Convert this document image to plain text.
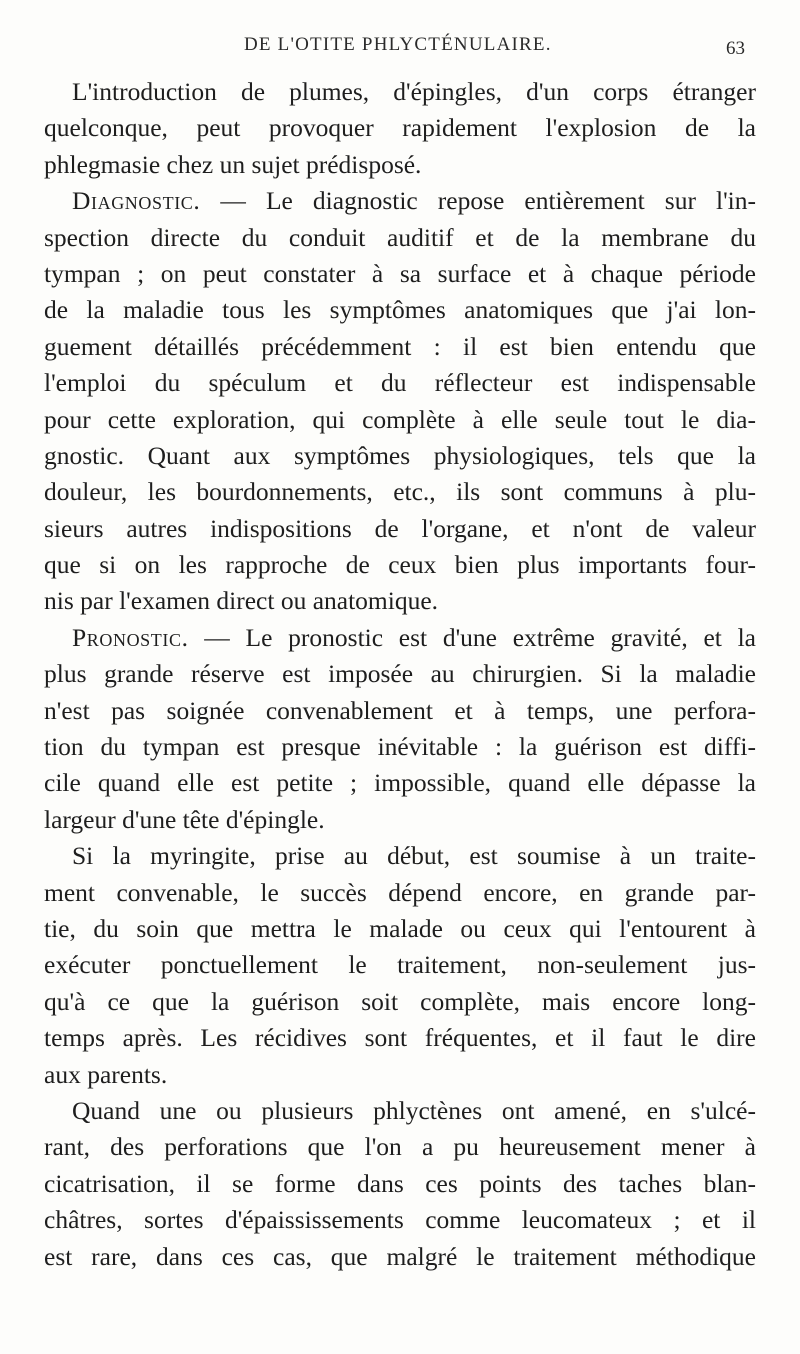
DE L'OTITE PHLYCTÉNULAIRE.	63
L'introduction de plumes, d'épingles, d'un corps étranger
quelconque, peut provoquer rapidement l'explosion de la
phlegmasie chez un sujet prédisposé.
Diagnostic. — Le diagnostic repose entièrement sur l'in-
spection directe du conduit auditif et de la membrane du
tympan ; on peut constater à sa surface et à chaque période
de la maladie tous les symptômes anatomiques que j'ai lon-
guement détaillés précédemment : il est bien entendu que
l'emploi du spéculum et du réflecteur est indispensable
pour cette exploration, qui complète à elle seule tout le dia-
gnostic. Quant aux symptômes physiologiques, tels que la
douleur, les bourdonnements, etc., ils sont communs à plu-
sieurs autres indispositions de l'organe, et n'ont de valeur
que si on les rapproche de ceux bien plus importants four-
nis par l'examen direct ou anatomique.
Pronostic. — Le pronostic est d'une extrême gravité, et la
plus grande réserve est imposée au chirurgien. Si la maladie
n'est pas soignée convenablement et à temps, une perfora-
tion du tympan est presque inévitable : la guérison est diffi-
cile quand elle est petite ; impossible, quand elle dépasse la
largeur d'une tête d'épingle.
Si la myringite, prise au début, est soumise à un traite-
ment convenable, le succès dépend encore, en grande par-
tie, du soin que mettra le malade ou ceux qui l'entourent à
exécuter ponctuellement le traitement, non-seulement jus-
qu'à ce que la guérison soit complète, mais encore long-
temps après. Les récidives sont fréquentes, et il faut le dire
aux parents.
Quand une ou plusieurs phlyctènes ont amené, en s'ulcé-
rant, des perforations que l'on a pu heureusement mener à
cicatrisation, il se forme dans ces points des taches blan-
châtres, sortes d'épaississements comme leucomateux ; et il
est rare, dans ces cas, que malgré le traitement méthodique
